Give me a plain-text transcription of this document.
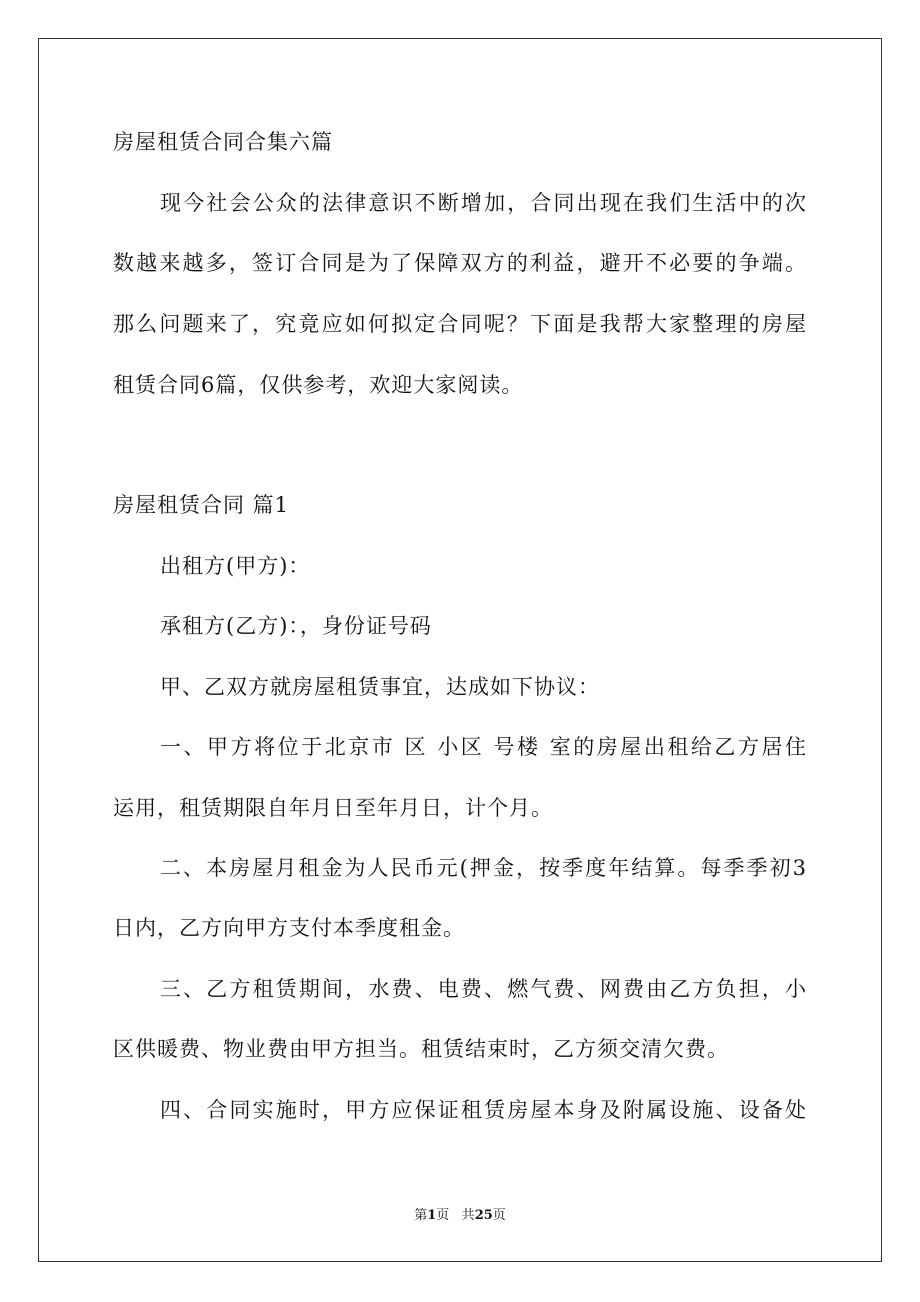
房屋租赁合同合集六篇
现今社会公众的法律意识不断增加，合同出现在我们生活中的次
数越来越多，签订合同是为了保障双方的利益，避开不必要的争端。
那么问题来了，究竟应如何拟定合同呢？下面是我帮大家整理的房屋
租赁合同6篇，仅供参考，欢迎大家阅读。
房屋租赁合同 篇1
出租方(甲方)：
承租方(乙方)：，身份证号码
甲、乙双方就房屋租赁事宜，达成如下协议：
一、甲方将位于北京市 区 小区 号楼 室的房屋出租给乙方居住
运用，租赁期限自年月日至年月日，计个月。
二、本房屋月租金为人民币元(押金，按季度年结算。每季季初3
日内，乙方向甲方支付本季度租金。
三、乙方租赁期间，水费、电费、燃气费、网费由乙方负担，小
区供暖费、物业费由甲方担当。租赁结束时，乙方须交清欠费。
四、合同实施时，甲方应保证租赁房屋本身及附属设施、设备处
第1页 共25页
